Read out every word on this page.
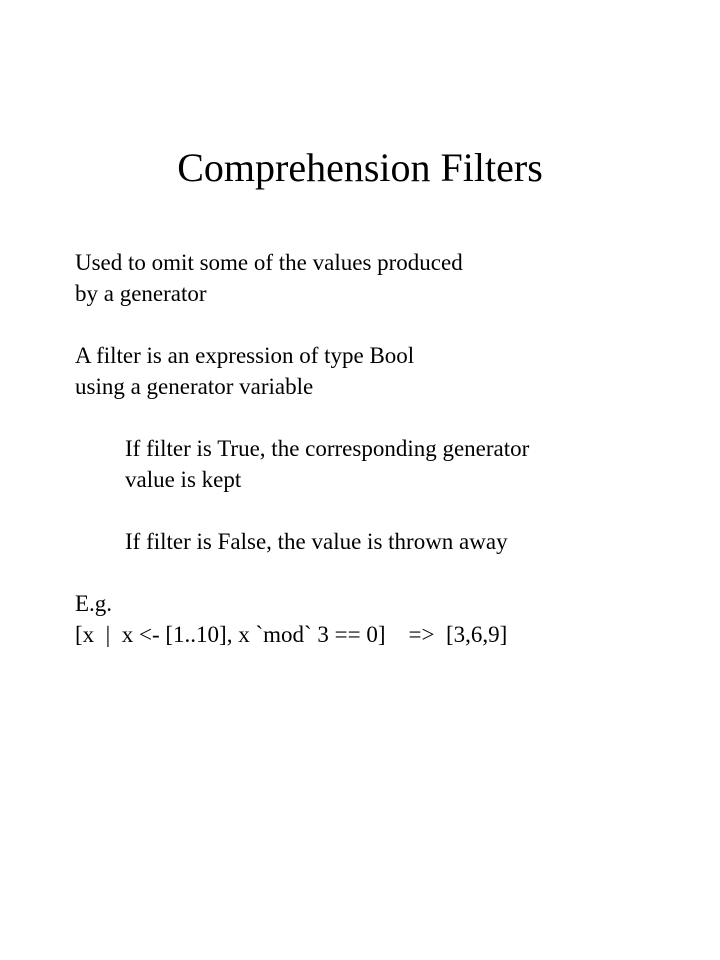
Comprehension Filters
Used to omit some of the values produced
by a generator
A filter is an expression of type Bool
using a generator variable
If filter is True, the corresponding generator
value is kept
If filter is False, the value is thrown away
E.g.
[x  |  x <- [1..10], x `mod` 3 == 0]    =>  [3,6,9]
